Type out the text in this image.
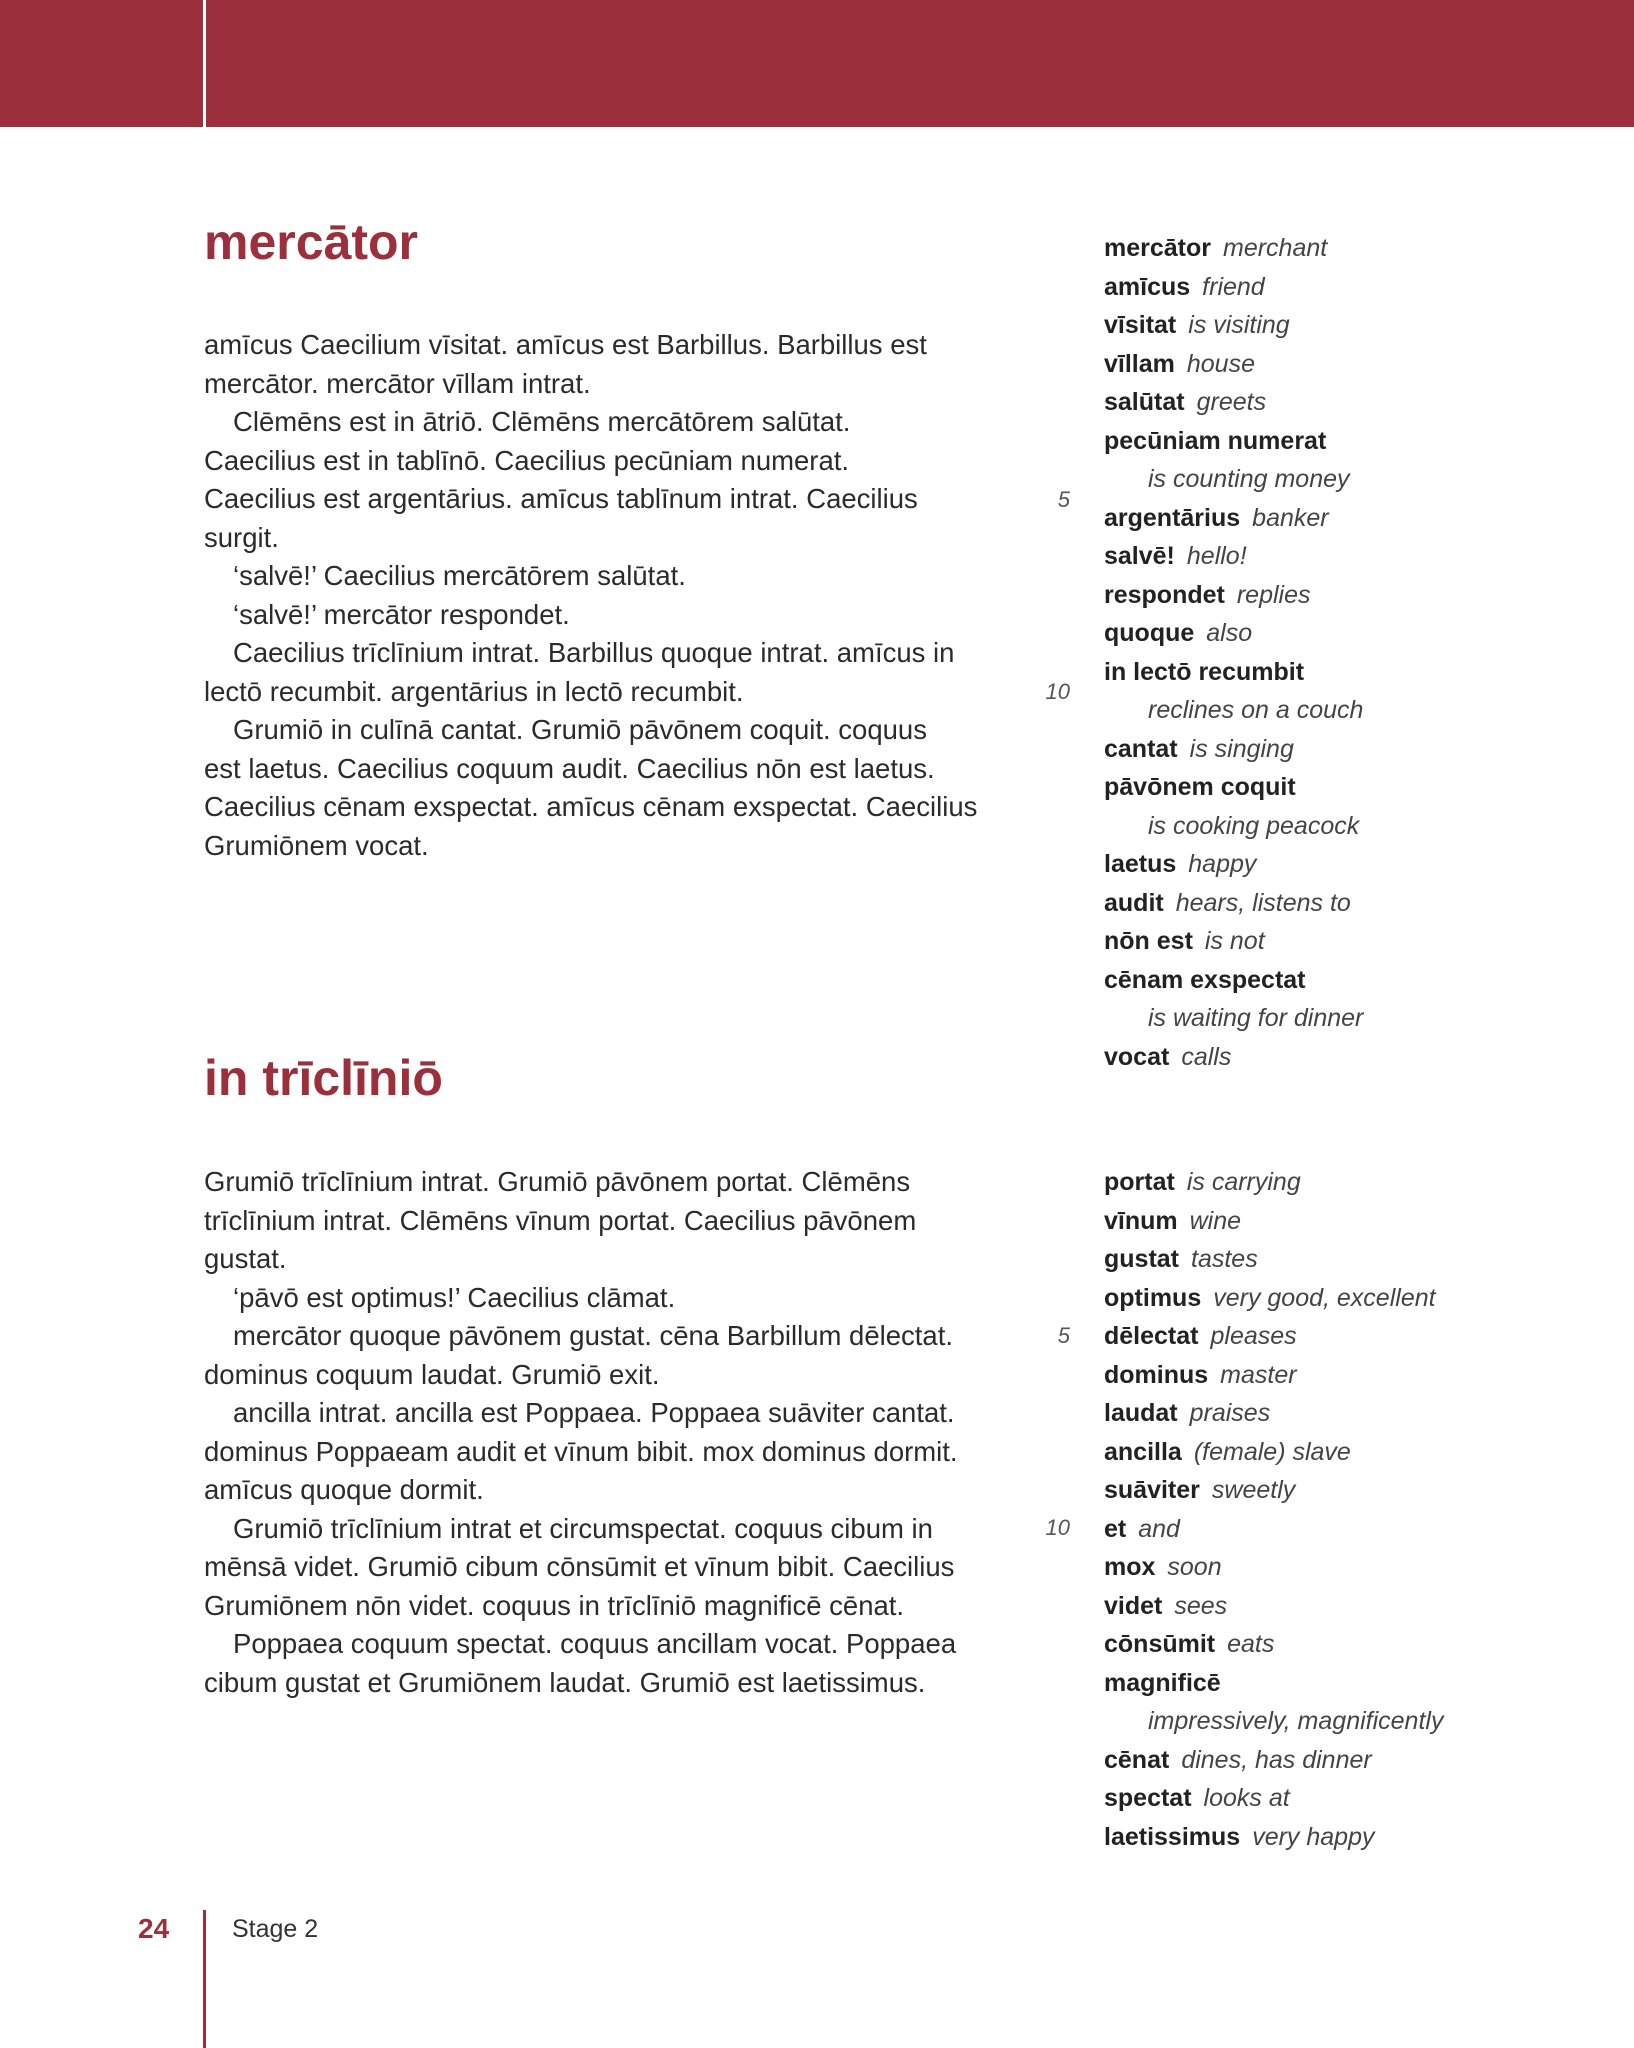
mercātor
amīcus Caecilium vīsitat. amīcus est Barbillus. Barbillus est
mercātor. mercātor vīllam intrat.
Clēmēns est in ātriō. Clēmēns mercātōrem salūtat.
Caecilius est in tablīnō. Caecilius pecūniam numerat.
Caecilius est argentārius. amīcus tablīnum intrat. Caecilius
surgit.
‘salvē!’ Caecilius mercātōrem salūtat.
‘salvē!’ mercātor respondet.
Caecilius trīclīnium intrat. Barbillus quoque intrat. amīcus in
lectō recumbit. argentārius in lectō recumbit.
Grumiō in culīnā cantat. Grumiō pāvōnem coquit. coquus
est laetus. Caecilius coquum audit. Caecilius nōn est laetus.
Caecilius cēnam exspectat. amīcus cēnam exspectat. Caecilius
Grumiōnem vocat.
mercātor merchant
amīcus friend
vīsitat is visiting
vīllam house
salūtat greets
pecūniam numerat
is counting money
argentārius banker
salvē! hello!
respondet replies
quoque also
in lectō recumbit
reclines on a couch
cantat is singing
pāvōnem coquit
is cooking peacock
laetus happy
audit hears, listens to
nōn est is not
cēnam exspectat
is waiting for dinner
vocat calls
5
10
in trīclīniō
Grumiō trīclīnium intrat. Grumiō pāvōnem portat. Clēmēns
trīclīnium intrat. Clēmēns vīnum portat. Caecilius pāvōnem
gustat.
‘pāvō est optimus!’ Caecilius clāmat.
mercātor quoque pāvōnem gustat. cēna Barbillum dēlectat.
dominus coquum laudat. Grumiō exit.
ancilla intrat. ancilla est Poppaea. Poppaea suāviter cantat.
dominus Poppaeam audit et vīnum bibit. mox dominus dormit.
amīcus quoque dormit.
Grumiō trīclīnium intrat et circumspectat. coquus cibum in
mēnsā videt. Grumiō cibum cōnsūmit et vīnum bibit. Caecilius
Grumiōnem nōn videt. coquus in trīclīniō magnificē cēnat.
Poppaea coquum spectat. coquus ancillam vocat. Poppaea
cibum gustat et Grumiōnem laudat. Grumiō est laetissimus.
portat is carrying
vīnum wine
gustat tastes
optimus very good, excellent
dēlectat pleases
dominus master
laudat praises
ancilla (female) slave
suāviter sweetly
et and
mox soon
videt sees
cōnsūmit eats
magnificē
impressively, magnificently
cēnat dines, has dinner
spectat looks at
laetissimus very happy
5
10
24	Stage 2
